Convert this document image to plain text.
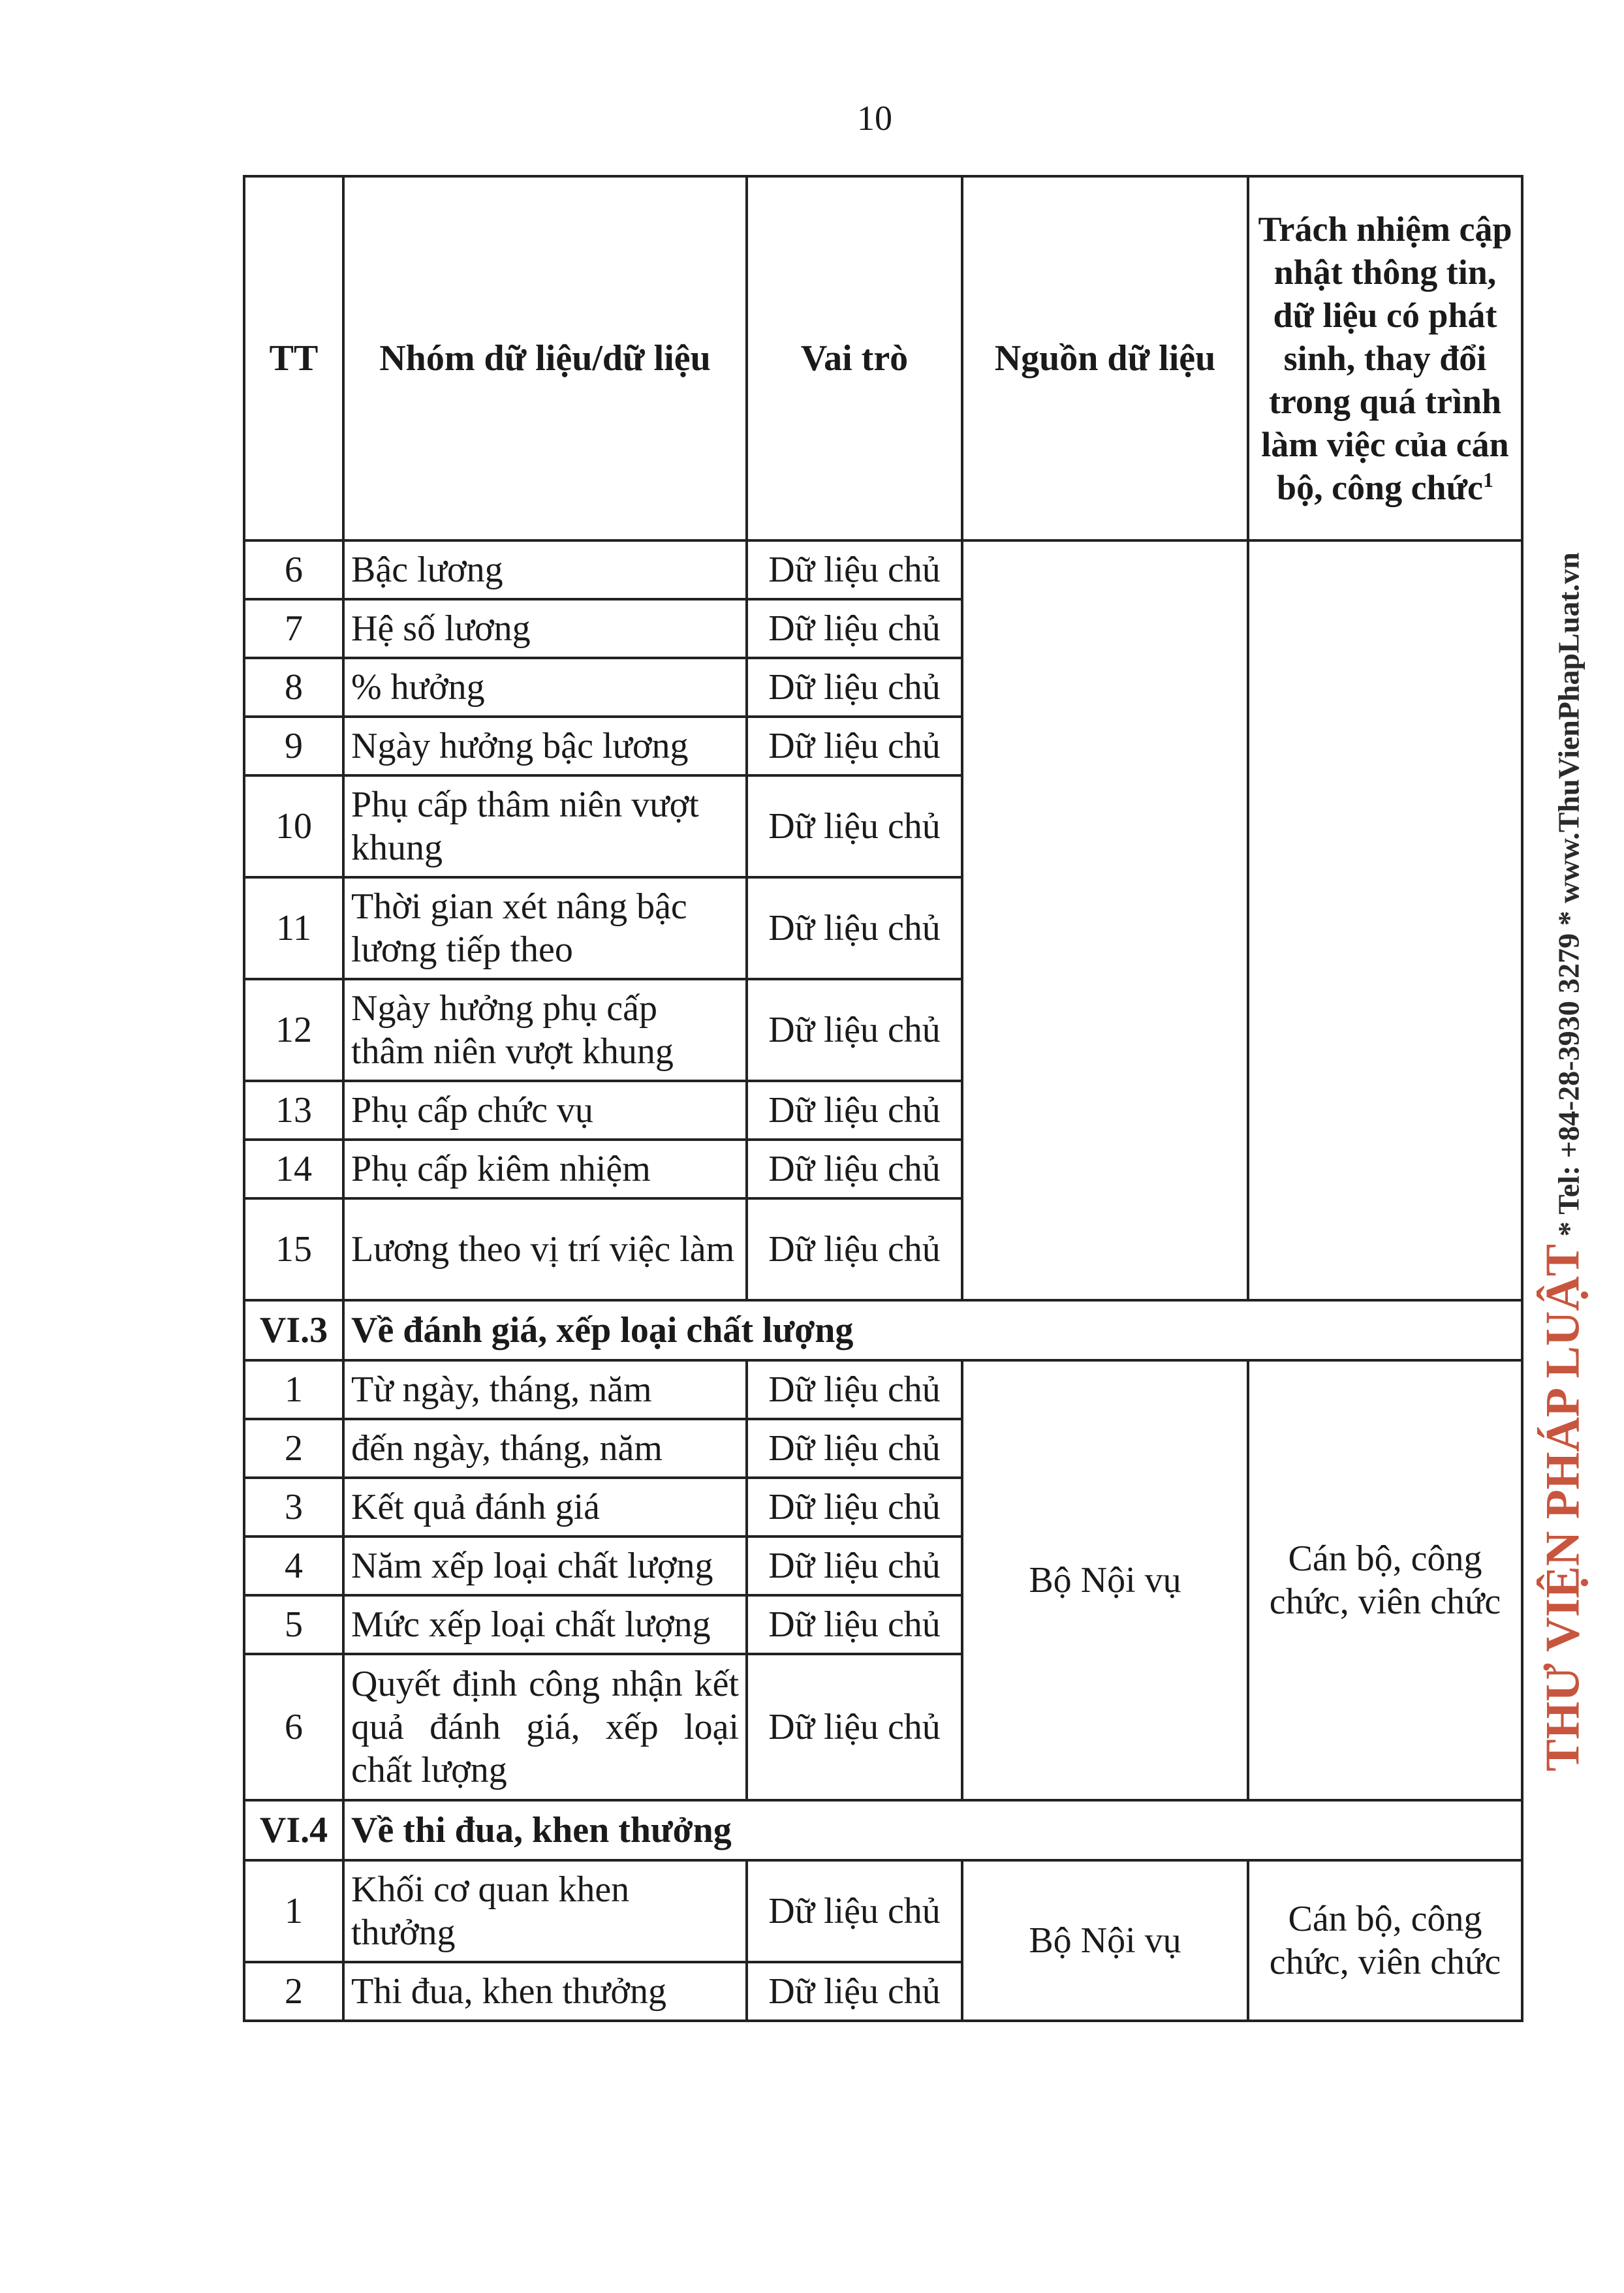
10
TT	Nhóm dữ liệu/dữ liệu	Vai trò	Nguồn dữ liệu	Trách nhiệm cập nhật thông tin, dữ liệu có phát sinh, thay đổi trong quá trình làm việc của cán bộ, công chức$^1$
6	Bậc lương	Dữ liệu chủ		
7	Hệ số lương	Dữ liệu chủ		
8	% hưởng	Dữ liệu chủ		
9	Ngày hưởng bậc lương	Dữ liệu chủ		
10	Phụ cấp thâm niên vượt khung	Dữ liệu chủ		
11	Thời gian xét nâng bậc lương tiếp theo	Dữ liệu chủ		
12	Ngày hưởng phụ cấp thâm niên vượt khung	Dữ liệu chủ		
13	Phụ cấp chức vụ	Dữ liệu chủ		
14	Phụ cấp kiêm nhiệm	Dữ liệu chủ		
15	Lương theo vị trí việc làm	Dữ liệu chủ		
VI.3	Về đánh giá, xếp loại chất lượng			
1	Từ ngày, tháng, năm	Dữ liệu chủ	Bộ Nội vụ	Cán bộ, công chức, viên chức
2	đến ngày, tháng, năm	Dữ liệu chủ		
3	Kết quả đánh giá	Dữ liệu chủ		
4	Năm xếp loại chất lượng	Dữ liệu chủ		
5	Mức xếp loại chất lượng	Dữ liệu chủ		
6	Quyết định công nhận kết quả đánh giá, xếp loại chất lượng	Dữ liệu chủ		
VI.4	Về thi đua, khen thưởng			
1	Khối cơ quan khen thưởng	Dữ liệu chủ	Bộ Nội vụ	Cán bộ, công chức, viên chức
2	Thi đua, khen thưởng	Dữ liệu chủ		
THƯ VIỆN PHÁP LUẬT * Tel: +84-28-3930 3279 * www.ThuVienPhapLuat.vn
